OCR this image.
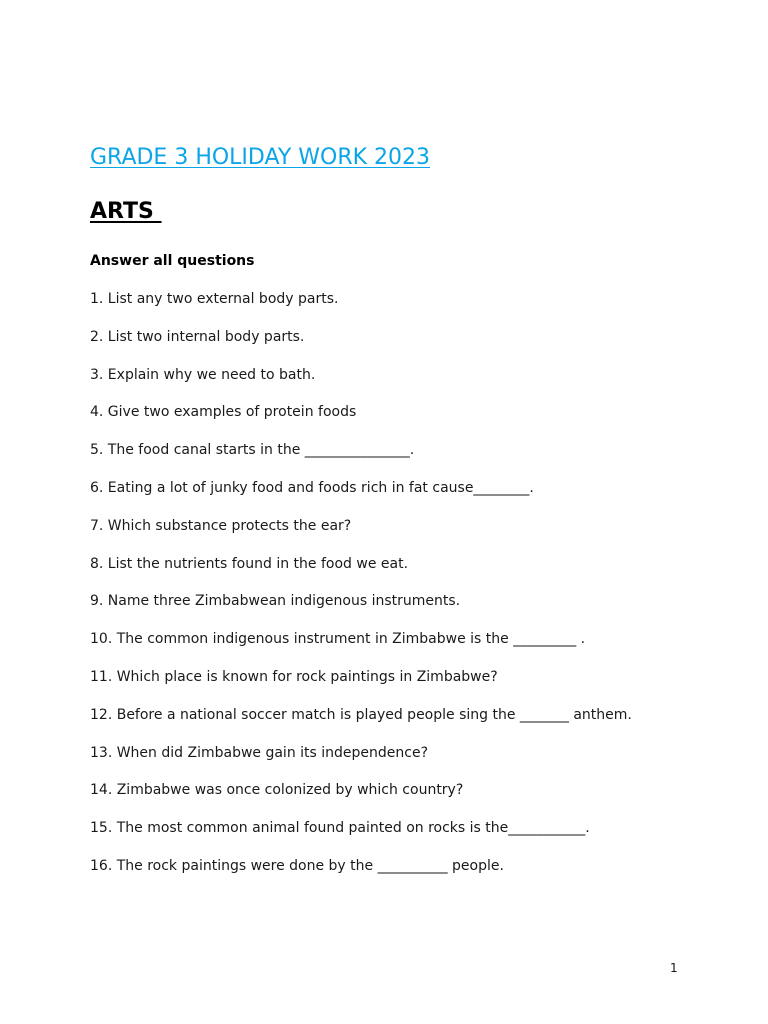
GRADE 3 HOLIDAY WORK 2023
ARTS

Answer all questions

1. List any two external body parts.
2. List two internal body parts.
3. Explain why we need to bath.
4. Give two examples of protein foods
5. The food canal starts in the _______________.
6. Eating a lot of junky food and foods rich in fat cause________.
7. Which substance protects the ear?
8. List the nutrients found in the food we eat.
9. Name three Zimbabwean indigenous instruments.
10. The common indigenous instrument in Zimbabwe is the _________ .
11. Which place is known for rock paintings in Zimbabwe?
12. Before a national soccer match is played people sing the _______ anthem.
13. When did Zimbabwe gain its independence?
14. Zimbabwe was once colonized by which country?
15. The most common animal found painted on rocks is the___________.
16. The rock paintings were done by the __________ people.
1
